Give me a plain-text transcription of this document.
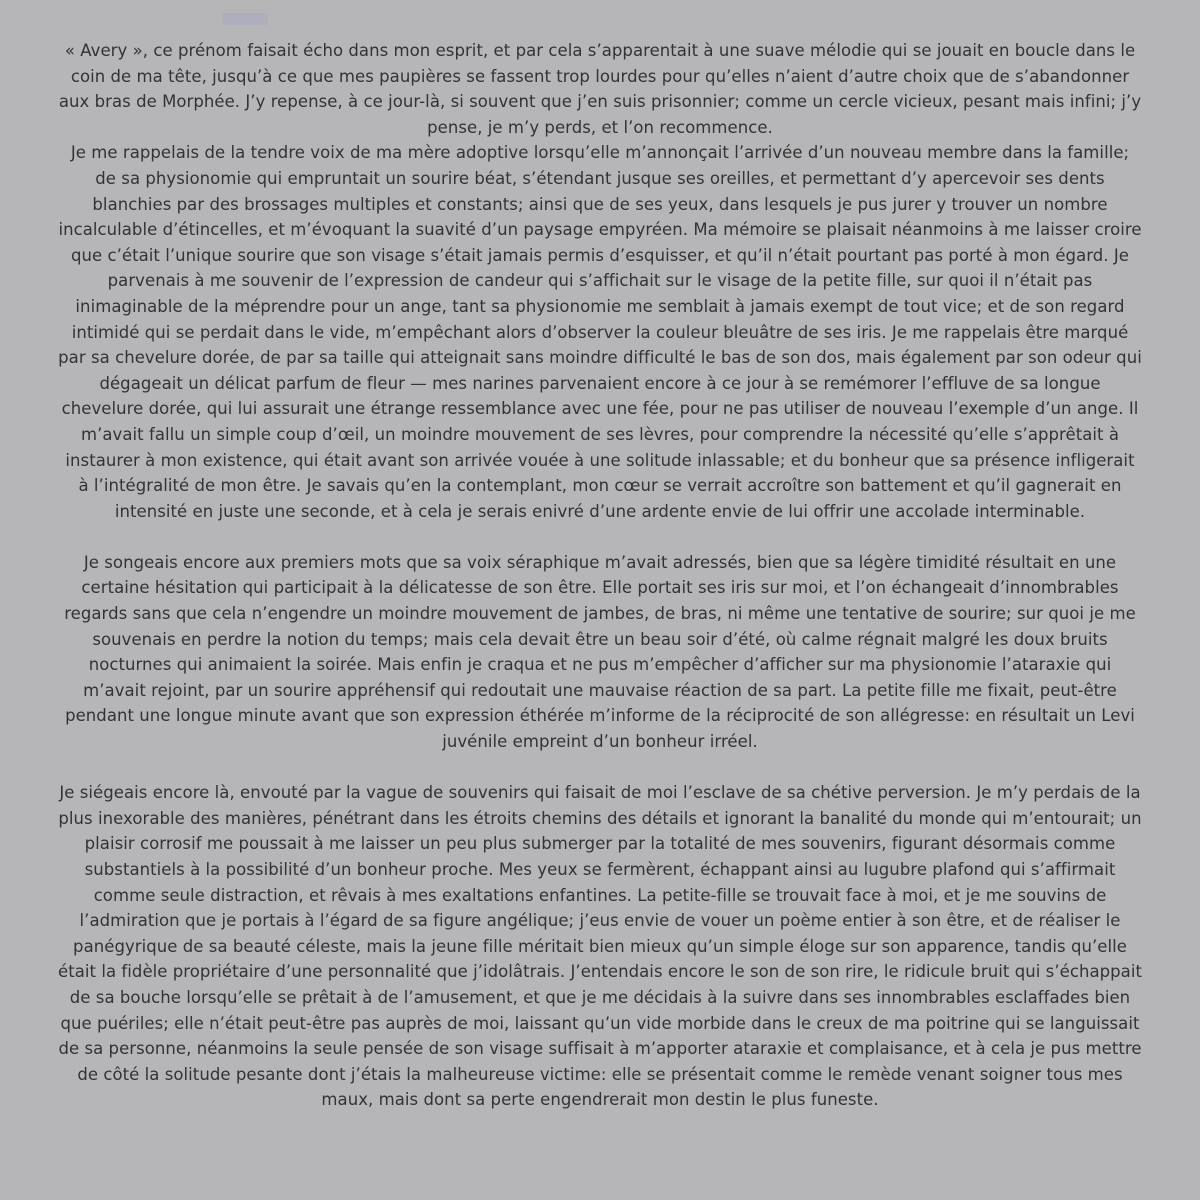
« Avery », ce prénom faisait écho dans mon esprit, et par cela s’apparentait à une suave mélodie qui se jouait en boucle dans le coin de ma tête, jusqu’à ce que mes paupières se fassent trop lourdes pour qu’elles n’aient d’autre choix que de s’abandonner aux bras de Morphée. J’y repense, à ce jour-là, si souvent que j’en suis prisonnier; comme un cercle vicieux, pesant mais infini; j’y pense, je m’y perds, et l’on recommence.

Je me rappelais de la tendre voix de ma mère adoptive lorsqu’elle m’annonçait l’arrivée d’un nouveau membre dans la famille; de sa physionomie qui empruntait un sourire béat, s’étendant jusque ses oreilles, et permettant d’y apercevoir ses dents blanchies par des brossages multiples et constants; ainsi que de ses yeux, dans lesquels je pus jurer y trouver un nombre incalculable d’étincelles, et m’évoquant la suavité d’un paysage empyréen. Ma mémoire se plaisait néanmoins à me laisser croire que c’était l’unique sourire que son visage s’était jamais permis d’esquisser, et qu’il n’était pourtant pas porté à mon égard. Je parvenais à me souvenir de l’expression de candeur qui s’affichait sur le visage de la petite fille, sur quoi il n’était pas inimaginable de la méprendre pour un ange, tant sa physionomie me semblait à jamais exempt de tout vice; et de son regard intimidé qui se perdait dans le vide, m’empêchant alors d’observer la couleur bleuâtre de ses iris. Je me rappelais être marqué par sa chevelure dorée, de par sa taille qui atteignait sans moindre difficulté le bas de son dos, mais également par son odeur qui dégageait un délicat parfum de fleur — mes narines parvenaient encore à ce jour à se remémorer l’effluve de sa longue chevelure dorée, qui lui assurait une étrange ressemblance avec une fée, pour ne pas utiliser de nouveau l’exemple d’un ange. Il m’avait fallu un simple coup d’œil, un moindre mouvement de ses lèvres, pour comprendre la nécessité qu’elle s’apprêtait à instaurer à mon existence, qui était avant son arrivée vouée à une solitude inlassable; et du bonheur que sa présence infligerait à l’intégralité de mon être. Je savais qu’en la contemplant, mon cœur se verrait accroître son battement et qu’il gagnerait en intensité en juste une seconde, et à cela je serais enivré d’une ardente envie de lui offrir une accolade interminable.

Je songeais encore aux premiers mots que sa voix séraphique m’avait adressés, bien que sa légère timidité résultait en une certaine hésitation qui participait à la délicatesse de son être. Elle portait ses iris sur moi, et l’on échangeait d’innombrables regards sans que cela n’engendre un moindre mouvement de jambes, de bras, ni même une tentative de sourire; sur quoi je me souvenais en perdre la notion du temps; mais cela devait être un beau soir d’été, où calme régnait malgré les doux bruits nocturnes qui animaient la soirée. Mais enfin je craqua et ne pus m’empêcher d’afficher sur ma physionomie l’ataraxie qui m’avait rejoint, par un sourire appréhensif qui redoutait une mauvaise réaction de sa part. La petite fille me fixait, peut-être pendant une longue minute avant que son expression éthérée m’informe de la réciprocité de son allégresse: en résultait un Levi juvénile empreint d’un bonheur irréel.

Je siégeais encore là, envouté par la vague de souvenirs qui faisait de moi l’esclave de sa chétive perversion. Je m’y perdais de la plus inexorable des manières, pénétrant dans les étroits chemins des détails et ignorant la banalité du monde qui m’entourait; un plaisir corrosif me poussait à me laisser un peu plus submerger par la totalité de mes souvenirs, figurant désormais comme substantiels à la possibilité d’un bonheur proche. Mes yeux se fermèrent, échappant ainsi au lugubre plafond qui s’affirmait comme seule distraction, et rêvais à mes exaltations enfantines. La petite-fille se trouvait face à moi, et je me souvins de l’admiration que je portais à l’égard de sa figure angélique; j’eus envie de vouer un poème entier à son être, et de réaliser le panégyrique de sa beauté céleste, mais la jeune fille méritait bien mieux qu’un simple éloge sur son apparence, tandis qu’elle était la fidèle propriétaire d’une personnalité que j’idolâtrais. J’entendais encore le son de son rire, le ridicule bruit qui s’échappait de sa bouche lorsqu’elle se prêtait à de l’amusement, et que je me décidais à la suivre dans ses innombrables esclaffades bien que puériles; elle n’était peut-être pas auprès de moi, laissant qu’un vide morbide dans le creux de ma poitrine qui se languissait de sa personne, néanmoins la seule pensée de son visage suffisait à m’apporter ataraxie et complaisance, et à cela je pus mettre de côté la solitude pesante dont j’étais la malheureuse victime: elle se présentait comme le remède venant soigner tous mes maux, mais dont sa perte engendrerait mon destin le plus funeste.
